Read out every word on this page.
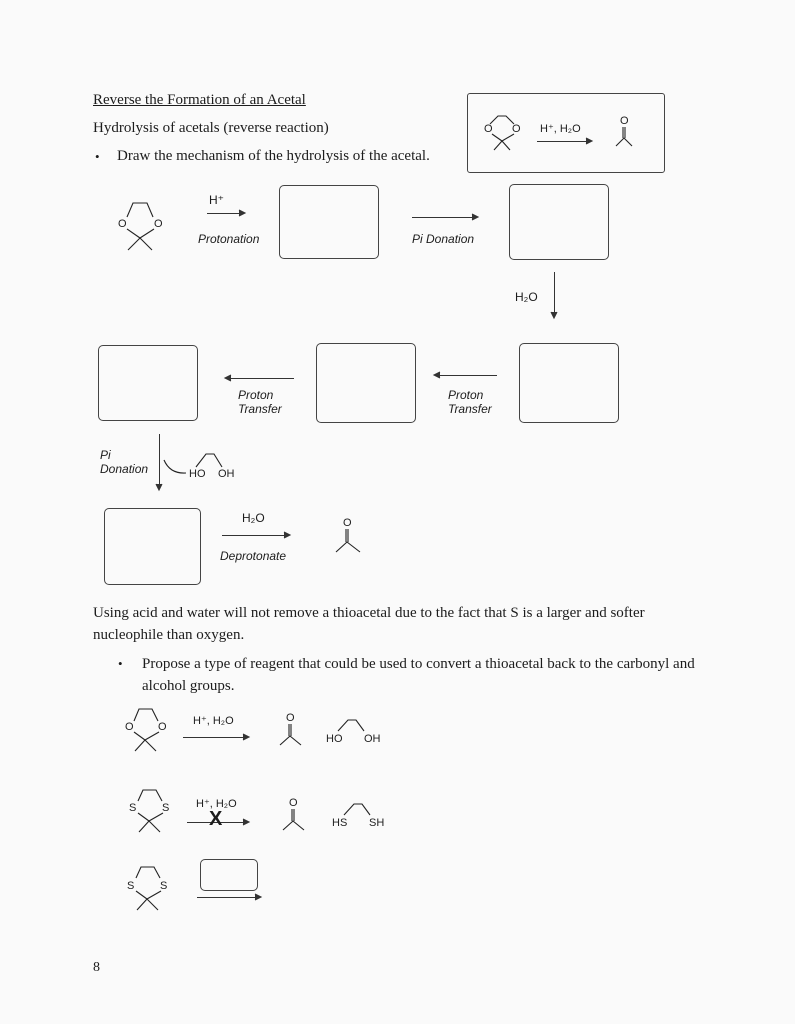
Reverse the Formation of an Acetal
Hydrolysis of acetals (reverse reaction)
• Draw the mechanism of the hydrolysis of the acetal.
O O H⁺, H₂O
O
O O
H⁺
Protonation	Pi Donation
H₂O
Proton
Transfer
Proton
Transfer
Pi
Donation	HO OH
H₂O
Deprotonate
O
Using acid and water will not remove a thioacetal due to the fact that S is a larger and softer nucleophile than oxygen.
• Propose a type of reagent that could be used to convert a thioacetal back to the carbonyl and alcohol groups.
O O H⁺, H₂O	O
HO OH
S S H⁺, H₂O
X
O
HS SH
S S
8
